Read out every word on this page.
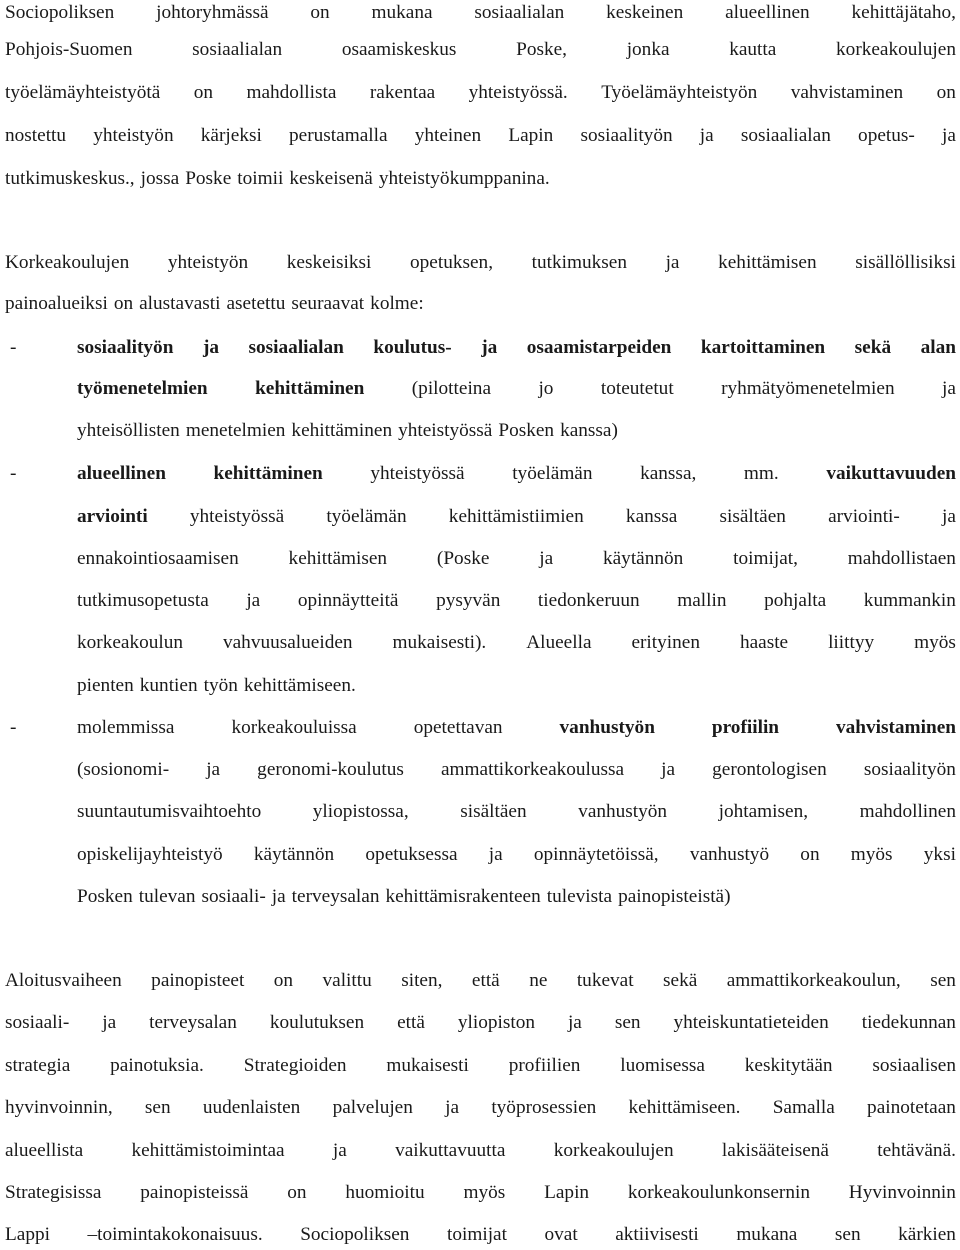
Sociopoliksen johtoryhmässä on mukana sosiaalialan keskeinen alueellinen kehittäjätaho,
Pohjois-Suomen	sosiaalialan	osaamiskeskus	Poske,	jonka	kautta	korkeakoulujen
työelämäyhteistyötä on mahdollista rakentaa yhteistyössä. Työelämäyhteistyön vahvistaminen on
nostettu yhteistyön kärjeksi perustamalla yhteinen Lapin sosiaalityön ja sosiaalialan opetus- ja
tutkimuskeskus., jossa Poske toimii keskeisenä yhteistyökumppanina.
Korkeakoulujen yhteistyön keskeisiksi opetuksen, tutkimuksen ja kehittämisen sisällöllisiksi
painoalueiksi on alustavasti asetettu seuraavat kolme:
-	sosiaalityön ja sosiaalialan koulutus- ja osaamistarpeiden kartoittaminen sekä alan
työmenetelmien kehittäminen (pilotteina jo toteutetut ryhmätyömenetelmien ja
yhteisöllisten menetelmien kehittäminen yhteistyössä Posken kanssa)
-	alueellinen kehittäminen yhteistyössä työelämän kanssa, mm. vaikuttavuuden
arviointi yhteistyössä työelämän kehittämistiimien kanssa sisältäen arviointi- ja
ennakointiosaamisen	kehittämisen	(Poske	ja	käytännön	toimijat,	mahdollistaen
tutkimusopetusta ja opinnäytteitä pysyvän tiedonkeruun mallin pohjalta kummankin
korkeakoulun vahvuusalueiden mukaisesti). Alueella erityinen haaste liittyy myös
pienten kuntien työn kehittämiseen.
-	molemmissa	korkeakouluissa	opetettavan	vanhustyön	profiilin	vahvistaminen
(sosionomi- ja geronomi-koulutus ammattikorkeakoulussa ja gerontologisen sosiaalityön
suuntautumisvaihtoehto	yliopistossa,	sisältäen	vanhustyön	johtamisen,	mahdollinen
opiskelijayhteistyö käytännön opetuksessa ja opinnäytetöissä, vanhustyö on myös yksi
Posken tulevan sosiaali- ja terveysalan kehittämisrakenteen tulevista painopisteistä)
Aloitusvaiheen painopisteet on valittu siten, että ne tukevat sekä ammattikorkeakoulun, sen
sosiaali- ja terveysalan koulutuksen että yliopiston ja sen yhteiskuntatieteiden tiedekunnan
strategia painotuksia. Strategioiden mukaisesti profiilien luomisessa keskitytään sosiaalisen
hyvinvoinnin, sen uudenlaisten palvelujen ja työprosessien kehittämiseen. Samalla painotetaan
alueellista	kehittämistoimintaa	ja	vaikuttavuutta	korkeakoulujen	lakisääteisenä	tehtävänä.
Strategisissa painopisteissä on huomioitu myös Lapin korkeakoulunkonsernin Hyvinvoinnin
Lappi –toimintakokonaisuus. Sociopoliksen toimijat ovat aktiivisesti mukana sen kärkien
